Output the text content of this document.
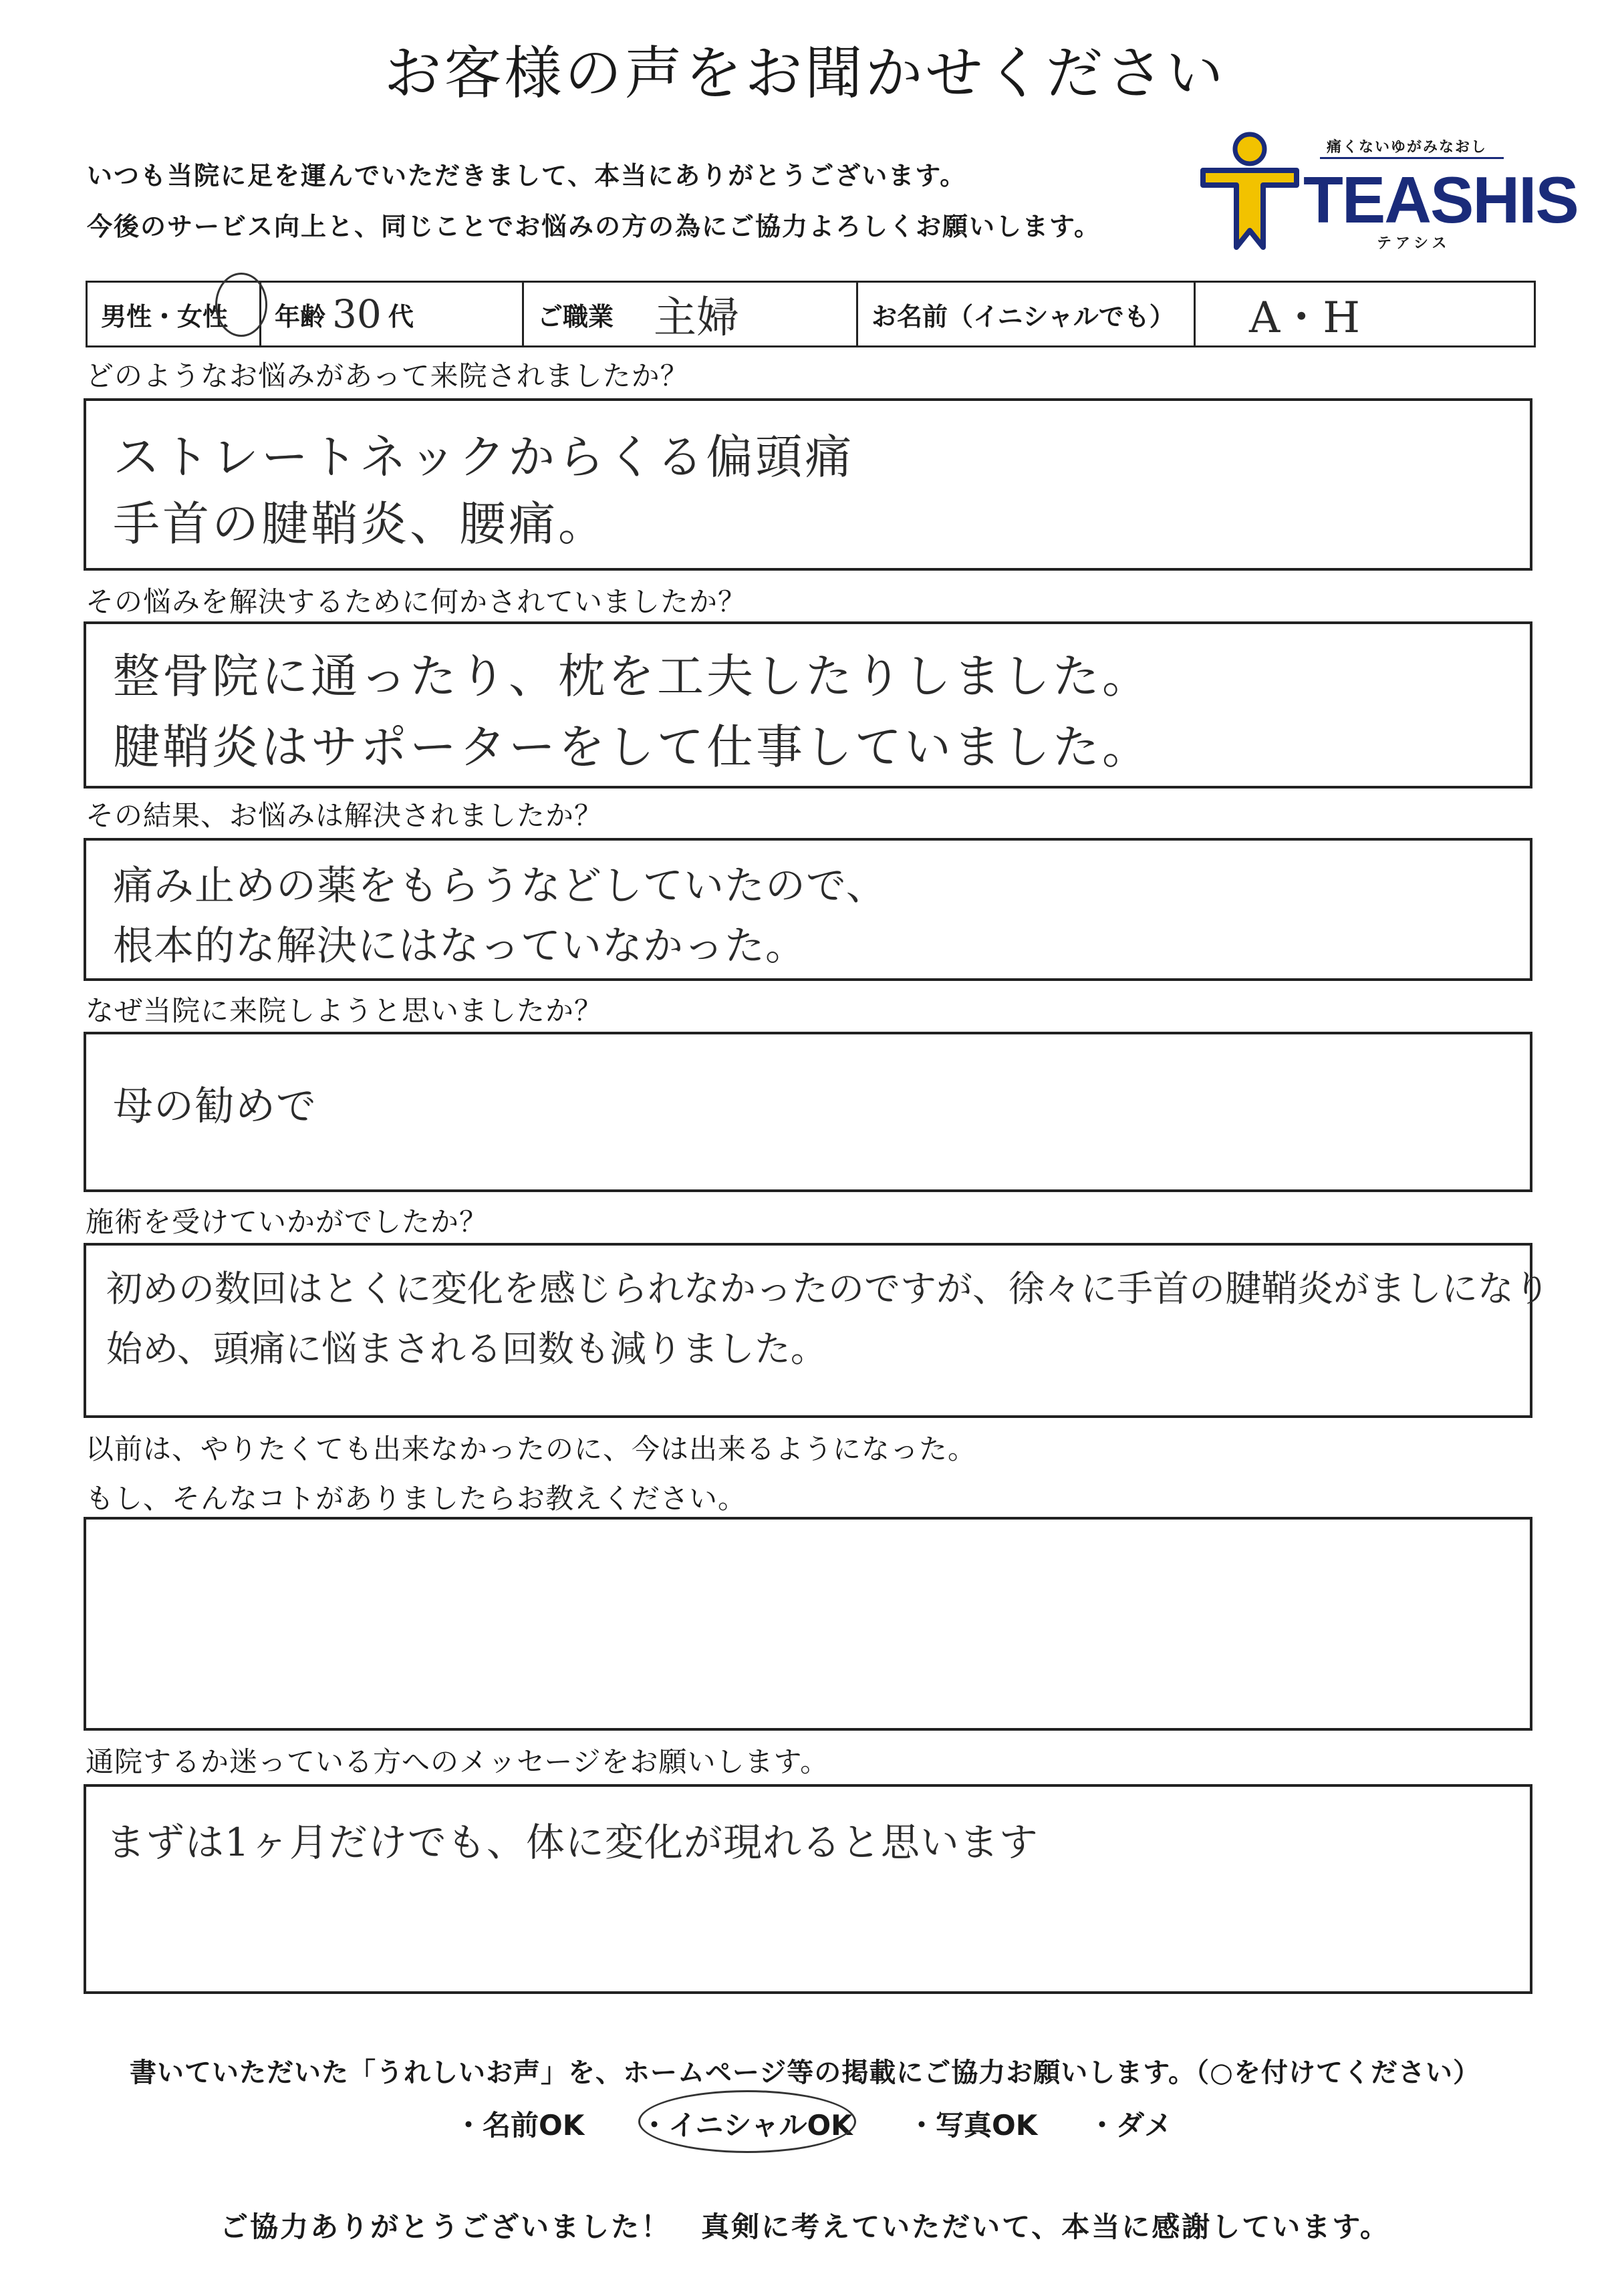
お客様の声をお聞かせください
いつも当院に足を運んでいただきまして、本当にありがとうございます。
今後のサービス向上と、同じことでお悩みの方の為にご協力よろしくお願いします。
痛くないゆがみなおし
TEASHIS
テアシス
男性・女性 年齢 30 代	ご職業 主婦	お名前（イニシャルでも） A・H
どのようなお悩みがあって来院されましたか？
ストレートネックからくる偏頭痛
手首の腱鞘炎、腰痛。
その悩みを解決するために何かされていましたか？
整骨院に通ったり、枕を工夫したりしました。
腱鞘炎はサポーターをして仕事していました。
その結果、お悩みは解決されましたか？
痛み止めの薬をもらうなどしていたので、
根本的な解決にはなっていなかった。
なぜ当院に来院しようと思いましたか？
母の勧めで
施術を受けていかがでしたか？
初めの数回はとくに変化を感じられなかったのですが、徐々に手首の腱鞘炎がましになり
始め、頭痛に悩まされる回数も減りました。
以前は、やりたくても出来なかったのに、今は出来るようになった。
もし、そんなコトがありましたらお教えください。
通院するか迷っている方へのメッセージをお願いします。
まずは1ヶ月だけでも、体に変化が現れると思います
書いていただいた「うれしいお声」を、ホームページ等の掲載にご協力お願いします。（○を付けてください）
・名前OK ・イニシャルOK ・写真OK ・ダメ
ご協力ありがとうございました！　真剣に考えていただいて、本当に感謝しています。
